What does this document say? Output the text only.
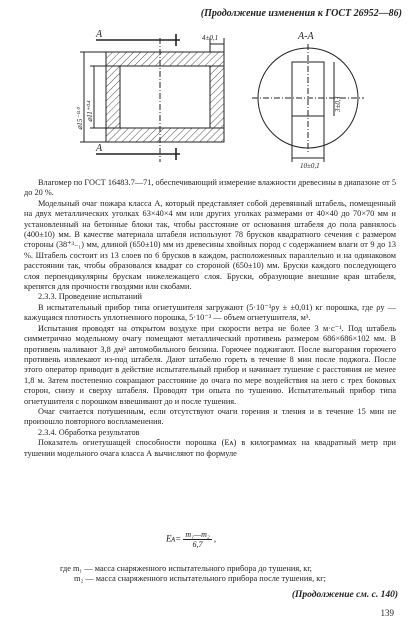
(Продолжение изменения к ГОСТ 26952—86)
А
А
А-А
4±0,1
10±0,1
⌀15⁻⁰·⁰ ⌀11⁺⁰·⁴	3±0,1

Влагомер по ГОСТ 16483.7—71, обеспечивающий измерение влажности древесины в диапазоне от 5 до 20 %.

Модельный очаг пожара класса А, который представляет собой деревянный штабель, помещенный на двух металлических уголках 63×40×4 мм или других уголках размерами от 40×40 до 70×70 мм и установленный на бетонные блоки так, чтобы расстояние от основания штабеля до пола равнялось (400±10) мм. В качестве материала штабеля используют 78 брусков квадратного сечения с размером стороны (38⁺³₋₁) мм, длиной (650±10) мм из древесины хвойных пород с содержанием влаги от 9 до 13 %. Штабель состоит из 13 слоев по 6 брусков в каждом, расположенных параллельно и на одинаковом расстоянии так, чтобы образовался квадрат со стороной (650±10) мм. Бруски каждого последующего слоя перпендикулярны брускам нижележащего слоя. Бруски, образующие внешние края штабеля, крепятся для прочности гвоздями или скобами.

2.3.3. Проведение испытаний

В испытательный прибор типа огнетушителя загружают (5·10⁻³ρу ± ±0,01) кг порошка, где ρу — кажущаяся плотность уплотненного порошка, 5·10⁻³ — объем огнетушителя, м³.

Испытания проводят на открытом воздухе при скорости ветра не более 3 м·с⁻¹. Под штабель симметрично модельному очагу помещают металлический противень размером 686×686×102 мм. В противень наливают 3,8 дм³ автомобильного бензина. Горючее поджигают. После выгорания горючего противень извлекают из-под штабеля. Дают штабелю гореть в течение 8 мин после поджога. После этого оператор приводит в действие испытательный прибор и начинает тушение с расстояния не менее 1,8 м. Затем постепенно сокращают расстояние до очага по мере воздействия на него с трех боковых сторон, снизу и сверху штабеля. Проводят три опыта по тушению. Испытательный прибор типа огнетушителя с порошком взвешивают до и после тушения.

Очаг считается потушенным, если отсутствуют очаги горения и тления и в течение 15 мин не произошло повторного воспламенения.

2.3.4. Обработка результатов

Показатель огнетушащей способности порошка (Eᴀ) в килограммах на квадратный метр при тушении модельного очага класса А вычисляют по формуле

Eᴀ= $\frac{\text{m₁—m₂}}{6,7}$ ,
где m₁ — масса снаряженного испытательного прибора до тушения, кг,
m₂ — масса снаряженного испытательного прибора после тушения, кг;
(Продолжение см. с. 140)
139
